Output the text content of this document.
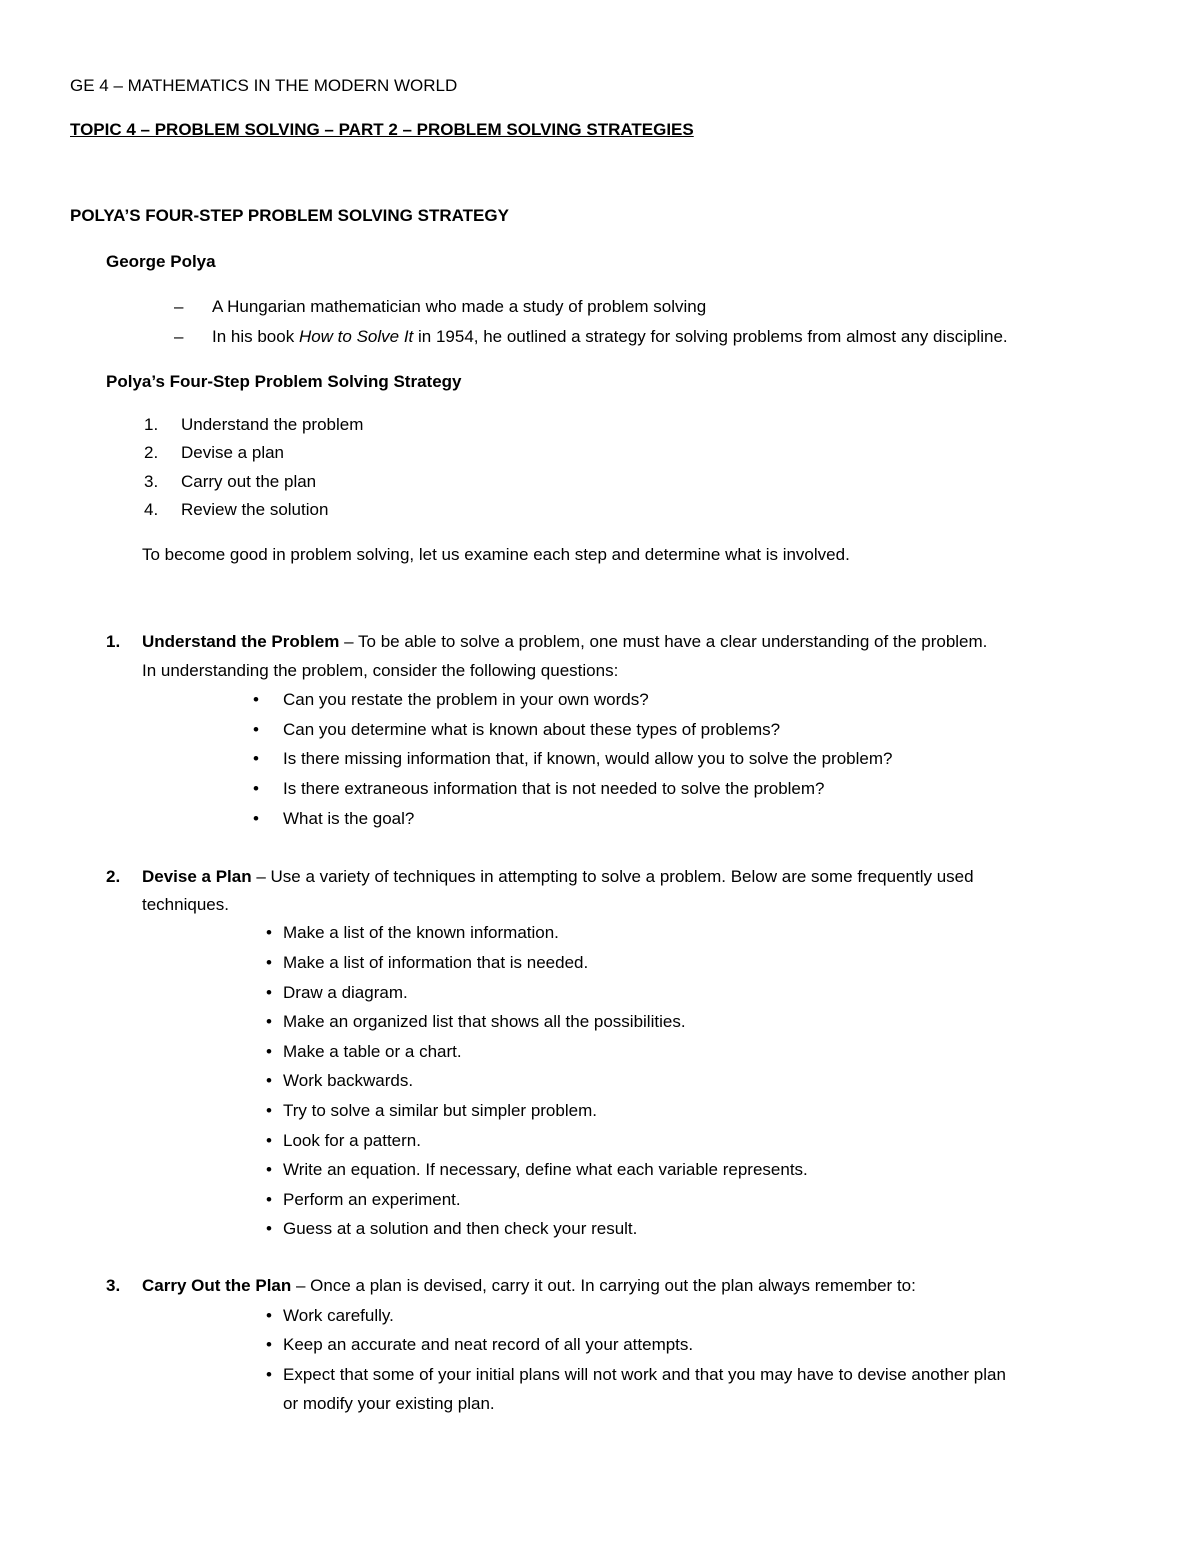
GE 4 – MATHEMATICS IN THE MODERN WORLD
TOPIC 4 – PROBLEM SOLVING – PART 2 – PROBLEM SOLVING STRATEGIES
POLYA’S FOUR-STEP PROBLEM SOLVING STRATEGY
George Polya
– A Hungarian mathematician who made a study of problem solving
– In his book How to Solve It in 1954, he outlined a strategy for solving problems from almost any discipline.
Polya’s Four-Step Problem Solving Strategy
1. Understand the problem
2. Devise a plan
3. Carry out the plan
4. Review the solution
To become good in problem solving, let us examine each step and determine what is involved.
1. Understand the Problem – To be able to solve a problem, one must have a clear understanding of the problem.
In understanding the problem, consider the following questions:
• Can you restate the problem in your own words?
• Can you determine what is known about these types of problems?
• Is there missing information that, if known, would allow you to solve the problem?
• Is there extraneous information that is not needed to solve the problem?
• What is the goal?
2. Devise a Plan – Use a variety of techniques in attempting to solve a problem. Below are some frequently used
techniques.
• Make a list of the known information.
• Make a list of information that is needed.
• Draw a diagram.
• Make an organized list that shows all the possibilities.
• Make a table or a chart.
• Work backwards.
• Try to solve a similar but simpler problem.
• Look for a pattern.
• Write an equation. If necessary, define what each variable represents.
• Perform an experiment.
• Guess at a solution and then check your result.
3. Carry Out the Plan – Once a plan is devised, carry it out. In carrying out the plan always remember to:
• Work carefully.
• Keep an accurate and neat record of all your attempts.
• Expect that some of your initial plans will not work and that you may have to devise another plan
or modify your existing plan.
